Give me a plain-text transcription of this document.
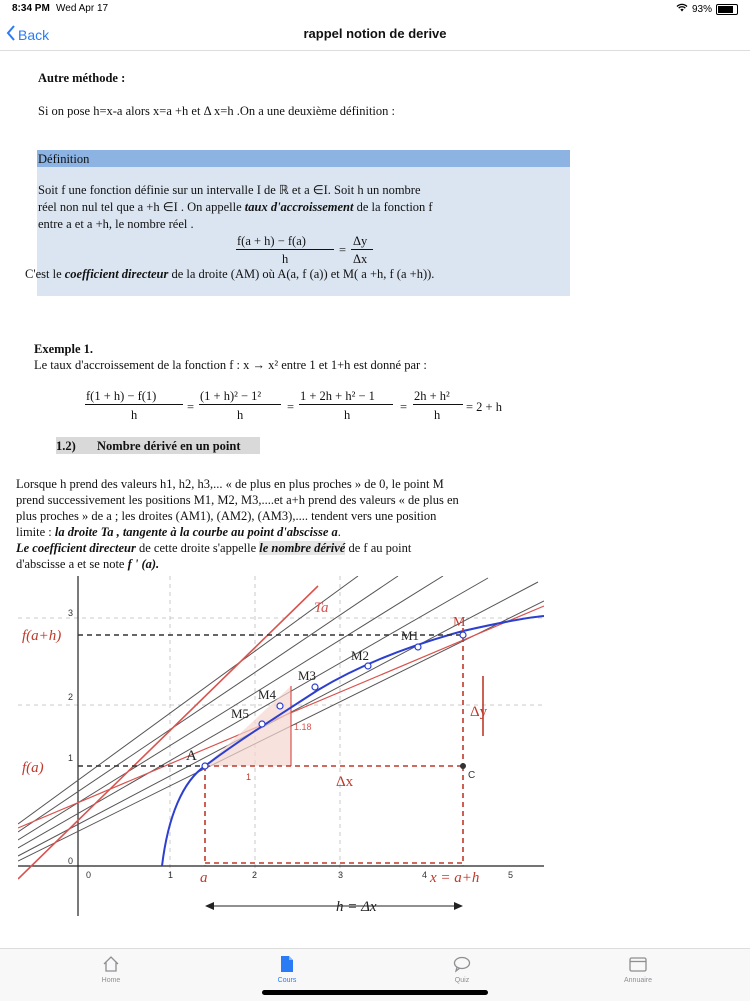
8:34 PM Wed Apr 17	93%
Back	rappel notion de derive
Autre méthode :
Si on pose h=x-a alors x=a +h et Δ x=h .On a une deuxième définition :
Définition
Soit f une fonction définie sur un intervalle I de ℝ et a ∈I. Soit h un nombre
réel non nul tel que a +h ∈I . On appelle taux d'accroissement de la fonction f
entre a et a +h, le nombre réel .
f(a + h) − f(a)
h
=
Δy
Δx
C'est le coefficient directeur de la droite (AM) où A(a, f (a)) et M( a +h, f (a +h)).
Exemple 1.
Le taux d'accroissement de la fonction f : x → x² entre 1 et 1+h est donné par :
f(1 + h) − f(1)
h
=
(1 + h)² − 1²
h
=
1 + 2h + h² − 1
h
=
2h + h²
h
= 2 + h
1.2) Nombre dérivé en un point
Lorsque h prend des valeurs h1, h2, h3,... « de plus en plus proches » de 0, le point M
prend successivement les positions M1, M2, M3,....et a+h prend des valeurs « de plus en
plus proches » de a ; les droites (AM1), (AM2), (AM3),.... tendent vers une position
limite : la droite Ta , tangente à la courbe au point d'abscisse a.
Le coefficient directeur de cette droite s'appelle le nombre dérivé de f au point
d'abscisse a et se note f ' (a).
Ta
M
M1
M2
M3
M4
M5
A
C
f(a)
f(a+h)
Δx
Δy
1.18
1
0	1	2	3	4	5
1
2
3
0
a	x = a+h
h = Δx
Home	Cours	Quiz	Annuaire
